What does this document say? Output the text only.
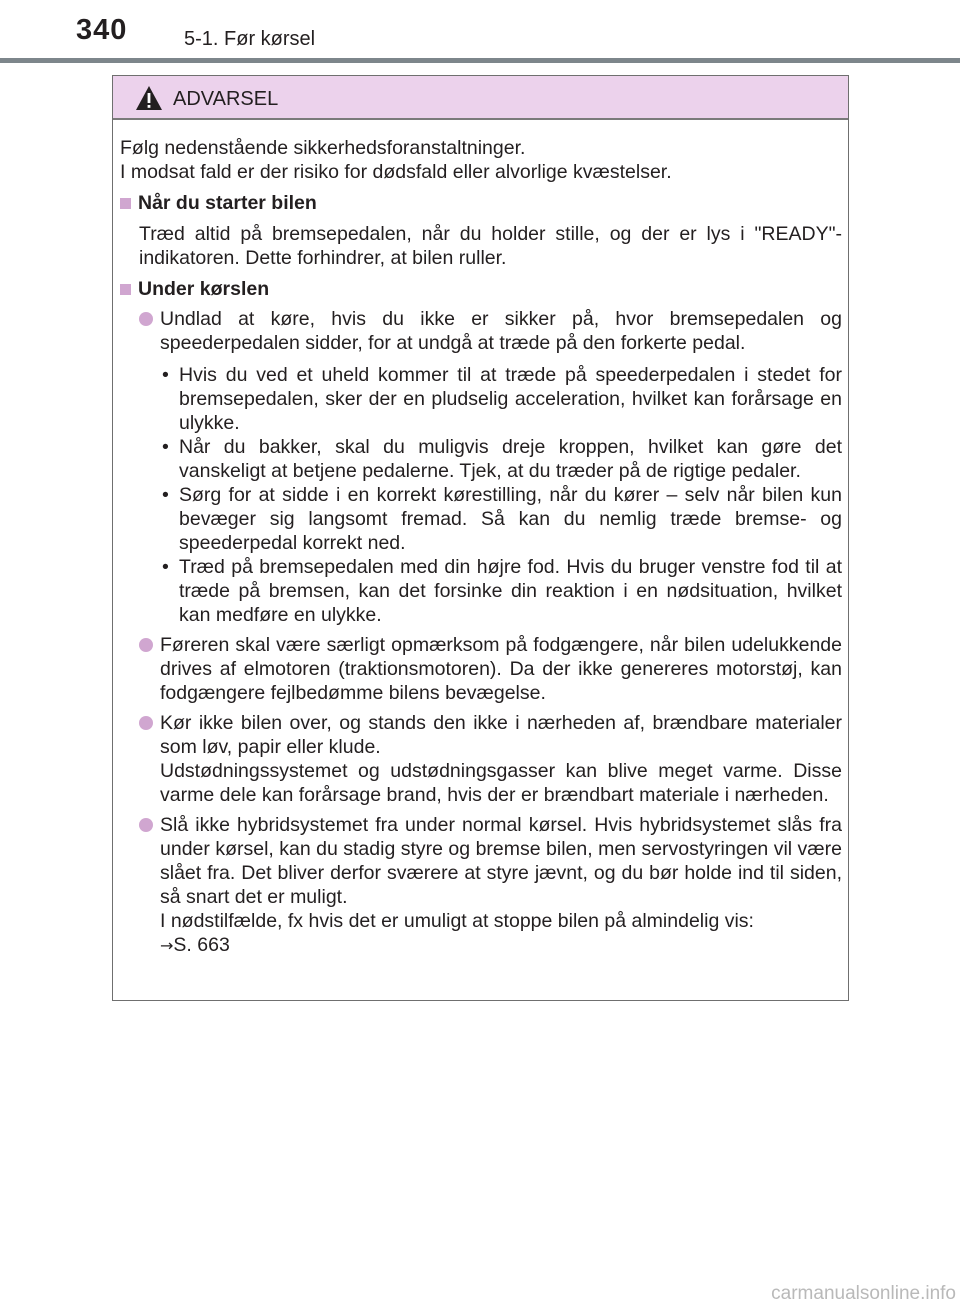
340	5-1. Før kørsel
ADVARSEL

Følg nedenstående sikkerhedsforanstaltninger.
I modsat fald er der risiko for dødsfald eller alvorlige kvæstelser.

Når du starter bilen

Træd altid på bremsepedalen, når du holder stille, og der er lys i "READY"-indikatoren. Dette forhindrer, at bilen ruller.

Under kørslen

Undlad at køre, hvis du ikke er sikker på, hvor bremsepedalen og speederpedalen sidder, for at undgå at træde på den forkerte pedal.

• Hvis du ved et uheld kommer til at træde på speederpedalen i stedet for bremsepedalen, sker der en pludselig acceleration, hvilket kan forårsage en ulykke.
• Når du bakker, skal du muligvis dreje kroppen, hvilket kan gøre det vanskeligt at betjene pedalerne. Tjek, at du træder på de rigtige pedaler.
• Sørg for at sidde i en korrekt kørestilling, når du kører – selv når bilen kun bevæger sig langsomt fremad. Så kan du nemlig træde bremse- og speederpedal korrekt ned.
• Træd på bremsepedalen med din højre fod. Hvis du bruger venstre fod til at træde på bremsen, kan det forsinke din reaktion i en nødsituation, hvilket kan medføre en ulykke.

Føreren skal være særligt opmærksom på fodgængere, når bilen udelukkende drives af elmotoren (traktionsmotoren). Da der ikke genereres motorstøj, kan fodgængere fejlbedømme bilens bevægelse.

Kør ikke bilen over, og stands den ikke i nærheden af, brændbare materialer som løv, papir eller klude.

Udstødningssystemet og udstødningsgasser kan blive meget varme. Disse varme dele kan forårsage brand, hvis der er brændbart materiale i nærheden.

Slå ikke hybridsystemet fra under normal kørsel. Hvis hybridsystemet slås fra under kørsel, kan du stadig styre og bremse bilen, men servostyringen vil være slået fra. Det bliver derfor sværere at styre jævnt, og du bør holde ind til siden, så snart det er muligt.

I nødstilfælde, fx hvis det er umuligt at stoppe bilen på almindelig vis:

→S. 663

carmanualsonline.info
